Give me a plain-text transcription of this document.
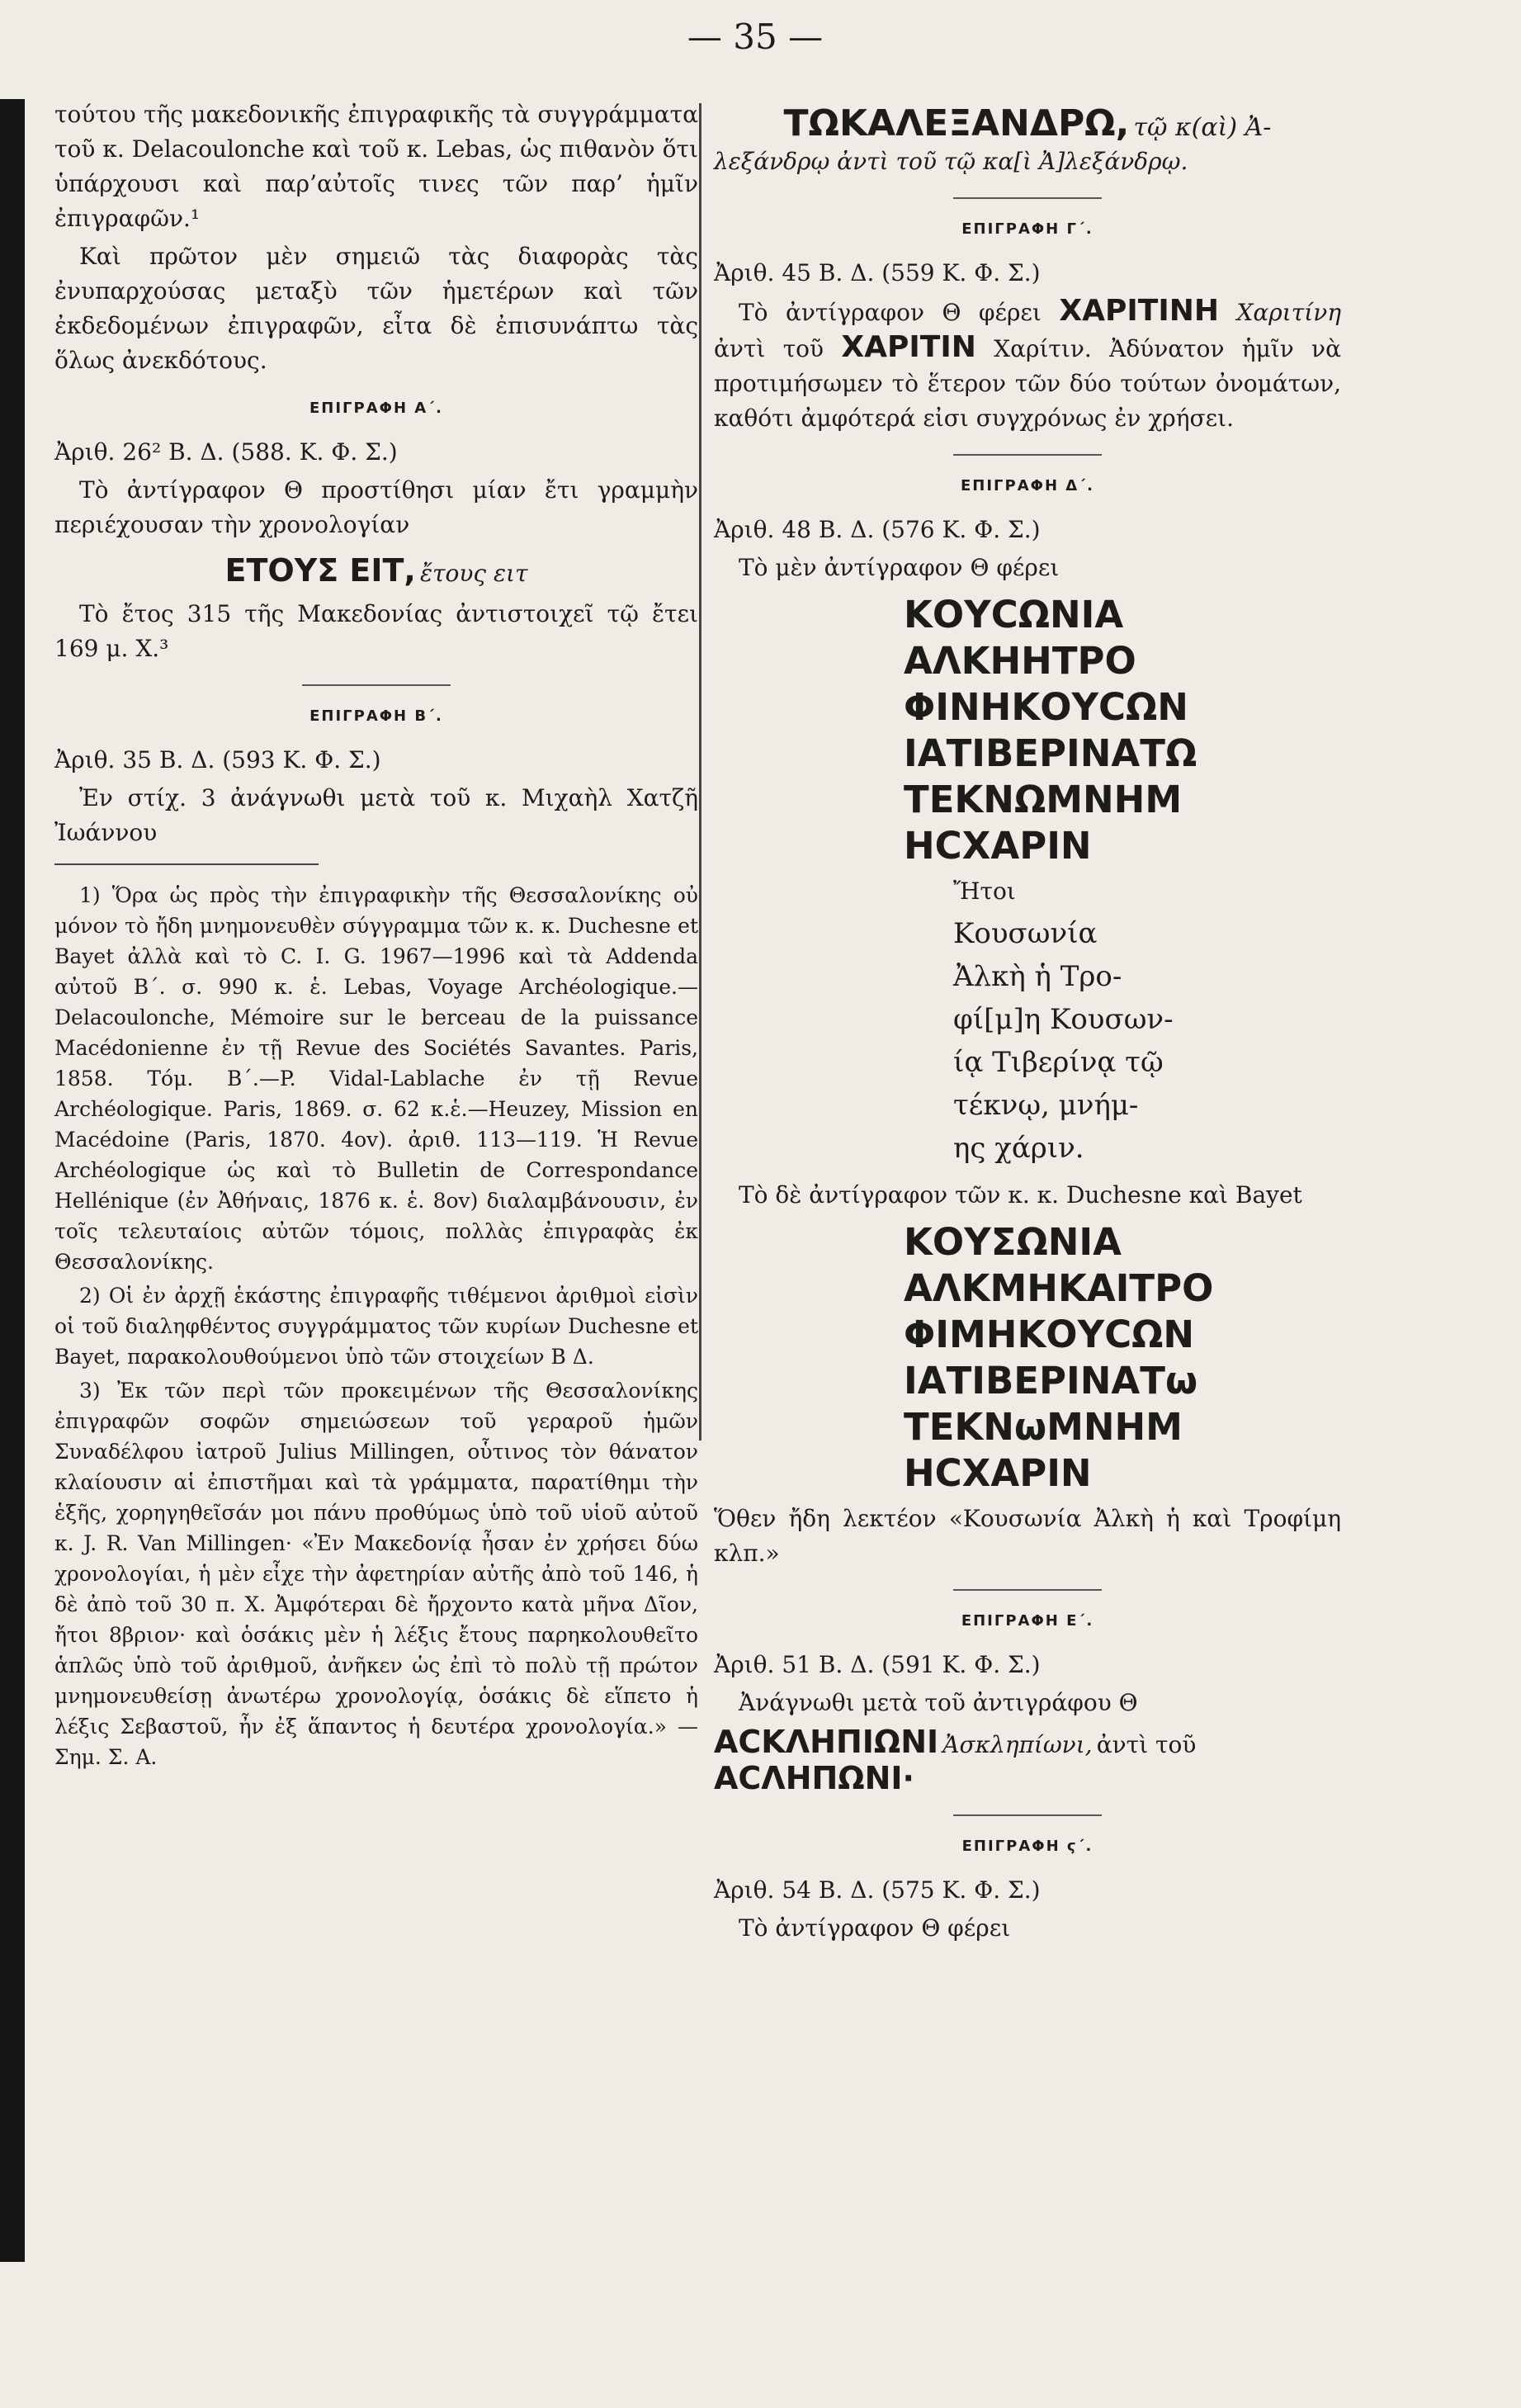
— 35 —

τούτου τῆς μακεδονικῆς ἐπιγραφικῆς τὰ συγγράμματα τοῦ κ. Delacoulonche καὶ τοῦ κ. Lebas, ὡς πιθανὸν ὅτι ὑπάρχουσι καὶ παρ’αὐτοῖς τινες τῶν παρ’ ἡμῖν ἐπιγραφῶν.¹

Καὶ πρῶτον μὲν σημειῶ τὰς διαφορὰς τὰς ἐνυπαρχούσας μεταξὺ τῶν ἡμετέρων καὶ τῶν ἐκδεδομένων ἐπιγραφῶν, εἶτα δὲ ἐπισυνάπτω τὰς ὅλως ἀνεκδότους.

ΕΠΙΓΡΑΦΗ Α΄.

Ἀριθ. 26² Β. Δ. (588. Κ. Φ. Σ.)

Τὸ ἀντίγραφον Θ προστίθησι μίαν ἔτι γραμμὴν περιέχουσαν τὴν χρονολογίαν

ΕΤΟΥΣ ΕΙΤ, ἔτους ειτ

Τὸ ἔτος 315 τῆς Μακεδονίας ἀντιστοιχεῖ τῷ ἔτει 169 μ. Χ.³

ΕΠΙΓΡΑΦΗ Β΄.

Ἀριθ. 35 Β. Δ. (593 Κ. Φ. Σ.)

Ἐν στίχ. 3 ἀνάγνωθι μετὰ τοῦ κ. Μιχαὴλ Χατζῆ Ἰωάννου

1) Ὅρα ὡς πρὸς τὴν ἐπιγραφικὴν τῆς Θεσσαλονίκης οὐ μόνον τὸ ἤδη μνημονευθὲν σύγγραμμα τῶν κ. κ. Duchesne et Bayet ἀλλὰ καὶ τὸ C. I. G. 1967—1996 καὶ τὰ Addenda αὐτοῦ Β΄. σ. 990 κ. ἑ. Lebas, Voyage Archéologique.—Delacoulonche, Mémoire sur le berceau de la puissance Macédonienne ἐν τῇ Revue des Sociétés Savantes. Paris, 1858. Τόμ. Β΄.—P. Vidal-Lablache ἐν τῇ Revue Archéologique. Paris, 1869. σ. 62 κ.ἑ.—Heuzey, Mission en Macédoine (Paris, 1870. 4ov). ἀριθ. 113—119. Ἡ Revue Archéologique ὡς καὶ τὸ Bulletin de Correspondance Hellénique (ἐν Ἀθήναις, 1876 κ. ἑ. 8ov) διαλαμβάνουσιν, ἐν τοῖς τελευταίοις αὐτῶν τόμοις, πολλὰς ἐπιγραφὰς ἐκ Θεσσαλονίκης.

2) Οἱ ἐν ἀρχῇ ἑκάστης ἐπιγραφῆς τιθέμενοι ἀριθμοὶ εἰσὶν οἱ τοῦ διαληφθέντος συγγράμματος τῶν κυρίων Duchesne et Bayet, παρακολουθούμενοι ὑπὸ τῶν στοιχείων Β Δ.

3) Ἐκ τῶν περὶ τῶν προκειμένων τῆς Θεσσαλονίκης ἐπιγραφῶν σοφῶν σημειώσεων τοῦ γεραροῦ ἡμῶν Συναδέλφου ἰατροῦ Julius Millingen, οὗτινος τὸν θάνατον κλαίουσιν αἱ ἐπιστῆμαι καὶ τὰ γράμματα, παρατίθημι τὴν ἑξῆς, χορηγηθεῖσάν μοι πάνυ προθύμως ὑπὸ τοῦ υἱοῦ αὐτοῦ κ. J. R. Van Millingen· «Ἐν Μακεδονίᾳ ἦσαν ἐν χρήσει δύω χρονολογίαι, ἡ μὲν εἶχε τὴν ἀφετηρίαν αὐτῆς ἀπὸ τοῦ 146, ἡ δὲ ἀπὸ τοῦ 30 π. Χ. Ἀμφότεραι δὲ ἤρχοντο κατὰ μῆνα Δῖον, ἤτοι 8βριον· καὶ ὁσάκις μὲν ἡ λέξις ἔτους παρηκολουθεῖτο ἁπλῶς ὑπὸ τοῦ ἀριθμοῦ, ἀνῆκεν ὡς ἐπὶ τὸ πολὺ τῇ πρώτον μνημονευθείσῃ ἀνωτέρω χρονολογίᾳ, ὁσάκις δὲ εἵπετο ἡ λέξις Σεβαστοῦ, ἦν ἐξ ἅπαντος ἡ δευτέρα χρονολογία.» — Σημ. Σ. Α.

ΤΩΚΑΛΕΞΑΝΔΡΩ, τῷ κ(αὶ) Ἀ-

λεξάνδρῳ ἀντὶ τοῦ τῷ κα[ὶ Ἀ]λεξάνδρῳ.

ΕΠΙΓΡΑΦΗ Γ΄.

Ἀριθ. 45 Β. Δ. (559 Κ. Φ. Σ.)

Τὸ ἀντίγραφον Θ φέρει ΧΑΡΙΤΙΝΗ Χαριτίνη ἀντὶ τοῦ ΧΑΡΙΤΙΝ Χαρίτιν. Ἀδύνατον ἡμῖν νὰ προτιμήσωμεν τὸ ἕτερον τῶν δύο τούτων ὀνομάτων, καθότι ἀμφότερά εἰσι συγχρόνως ἐν χρήσει.

ΕΠΙΓΡΑΦΗ Δ΄.

Ἀριθ. 48 Β. Δ. (576 Κ. Φ. Σ.)

Τὸ μὲν ἀντίγραφον Θ φέρει

ΚΟΥϹΩΝΙΑ
ΑΛΚΗΗΤΡΟ
ΦΙΝΗΚΟΥϹΩΝ
ΙΑΤΙΒΕΡΙΝΑΤΩ
ΤΕΚΝΩΜΝΗΜ
ΗϹΧΑΡΙΝ

Ἤτοι

Κουσωνία
Ἀλκὴ ἡ Τρο-
φί[μ]η Κουσων-
ίᾳ Τιβερίνᾳ τῷ
τέκνῳ, μνήμ-
ης χάριν.

Τὸ δὲ ἀντίγραφον τῶν κ. κ. Duchesne καὶ Bayet

ΚΟΥΣΩΝΙΑ
ΑΛΚΜΗΚΑΙΤΡΟ
ΦΙΜΗΚΟΥϹΩΝ
ΙΑΤΙΒΕΡΙΝΑΤω
ΤΕΚΝωΜΝΗΜ
ΗϹΧΑΡΙΝ

Ὅθεν ἤδη λεκτέον «Κουσωνία Ἀλκὴ ἡ καὶ Τροφίμη κλπ.»

ΕΠΙΓΡΑΦΗ Ε΄.

Ἀριθ. 51 Β. Δ. (591 Κ. Φ. Σ.)

Ἀνάγνωθι μετὰ τοῦ ἀντιγράφου Θ

ΑϹΚΛΗΠΙΩΝΙ Ἀσκληπίωνι, ἀντὶ τοῦ
ΑϹΛΗΠΩΝΙ·
ΕΠΙΓΡΑΦΗ ϛ΄.

Ἀριθ. 54 Β. Δ. (575 Κ. Φ. Σ.)

Τὸ ἀντίγραφον Θ φέρει
